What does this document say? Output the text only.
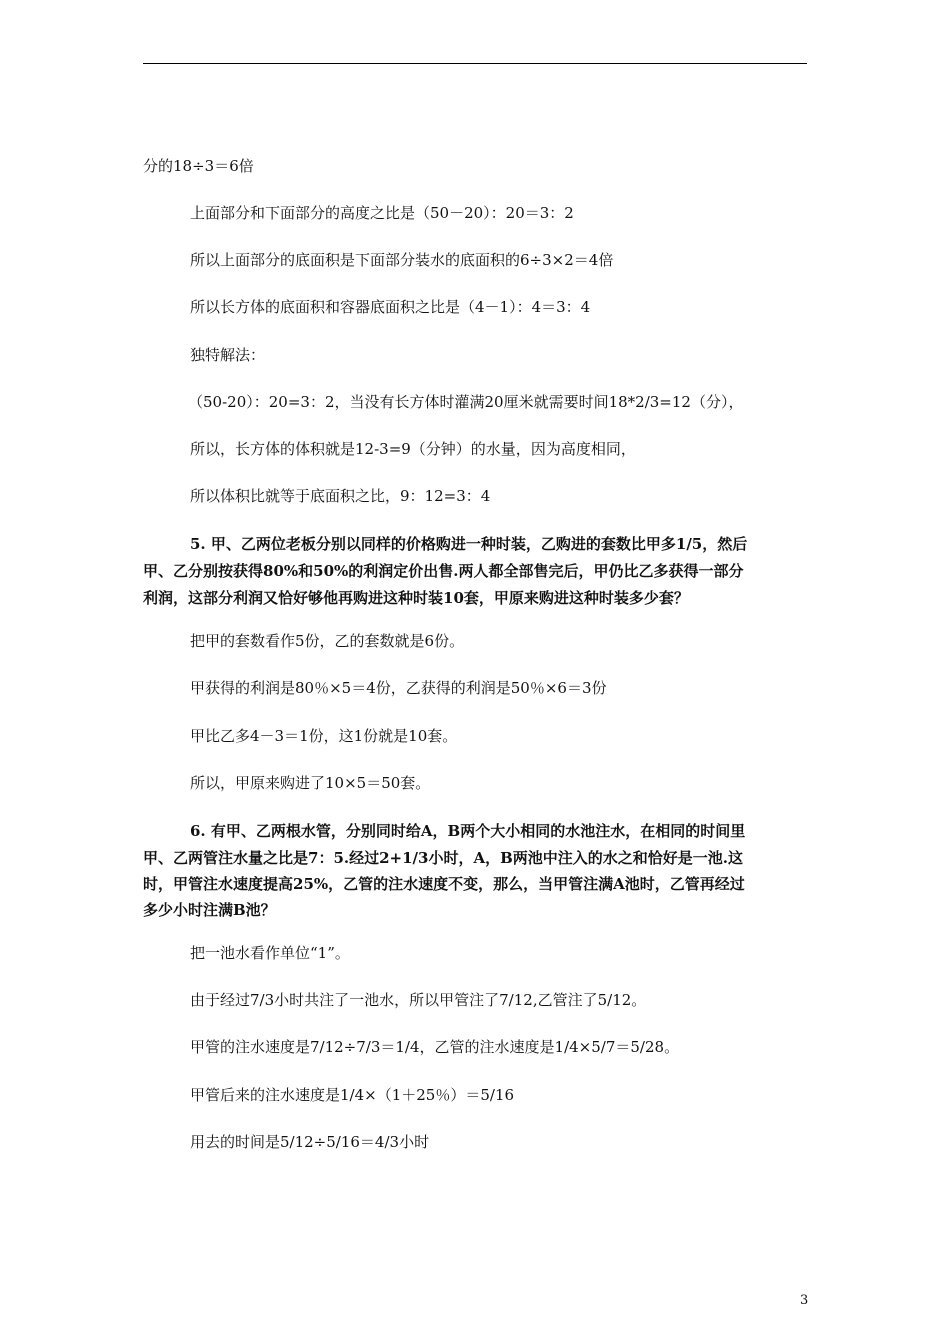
分的18÷3＝6倍
上面部分和下面部分的高度之比是（50－20）：20＝3：2
所以上面部分的底面积是下面部分装水的底面积的6÷3×2＝4倍
所以长方体的底面积和容器底面积之比是（4－1）：4＝3：4
独特解法：
（50-20）：20=3：2，当没有长方体时灌满20厘米就需要时间18*2/3=12（分），
所以，长方体的体积就是12-3=9（分钟）的水量，因为高度相同，
所以体积比就等于底面积之比，9：12=3：4
5. 甲、乙两位老板分别以同样的价格购进一种时装，乙购进的套数比甲多1/5，然后
甲、乙分别按获得80%和50%的利润定价出售.两人都全部售完后，甲仍比乙多获得一部分
利润，这部分利润又恰好够他再购进这种时装10套，甲原来购进这种时装多少套？
把甲的套数看作5份，乙的套数就是6份。
甲获得的利润是80％×5＝4份，乙获得的利润是50％×6＝3份
甲比乙多4－3＝1份，这1份就是10套。
所以，甲原来购进了10×5＝50套。
6. 有甲、乙两根水管，分别同时给A，B两个大小相同的水池注水，在相同的时间里
甲、乙两管注水量之比是7：5.经过2+1/3小时，A，B两池中注入的水之和恰好是一池.这
时，甲管注水速度提高25%，乙管的注水速度不变，那么，当甲管注满A池时，乙管再经过
多少小时注满B池？
把一池水看作单位“1”。
由于经过7/3小时共注了一池水，所以甲管注了7/12,乙管注了5/12。
甲管的注水速度是7/12÷7/3＝1/4，乙管的注水速度是1/4×5/7＝5/28。
甲管后来的注水速度是1/4×（1＋25％）＝5/16
用去的时间是5/12÷5/16＝4/3小时
3
